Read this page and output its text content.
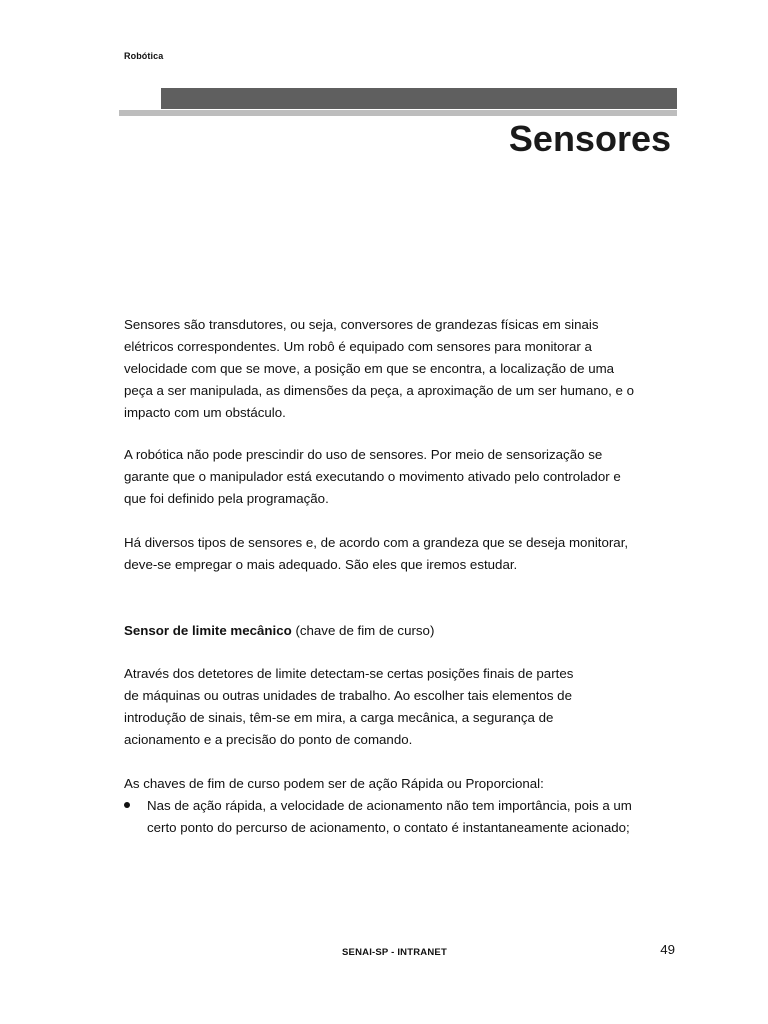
Robótica
Sensores

Sensores são transdutores, ou seja, conversores de grandezas físicas em sinais
elétricos correspondentes. Um robô é equipado com sensores para monitorar a
velocidade com que se move, a posição em que se encontra, a localização de uma
peça a ser manipulada, as dimensões da peça, a aproximação de um ser humano, e o
impacto com um obstáculo.

A robótica não pode prescindir do uso de sensores. Por meio de sensorização se
garante que o manipulador está executando o movimento ativado pelo controlador e
que foi definido pela programação.

Há diversos tipos de sensores e, de acordo com a grandeza que se deseja monitorar,
deve-se empregar o mais adequado. São eles que iremos estudar.

Sensor de limite mecânico (chave de fim de curso)

Através dos detetores de limite detectam-se certas posições finais de partes
de máquinas ou outras unidades de trabalho. Ao escolher tais elementos de
introdução de sinais, têm-se em mira, a carga mecânica, a segurança de
acionamento e a precisão do ponto de comando.

As chaves de fim de curso podem ser de ação Rápida ou Proporcional:

Nas de ação rápida, a velocidade de acionamento não tem importância, pois a um
certo ponto do percurso de acionamento, o contato é instantaneamente acionado;
SENAI-SP - INTRANET	49
